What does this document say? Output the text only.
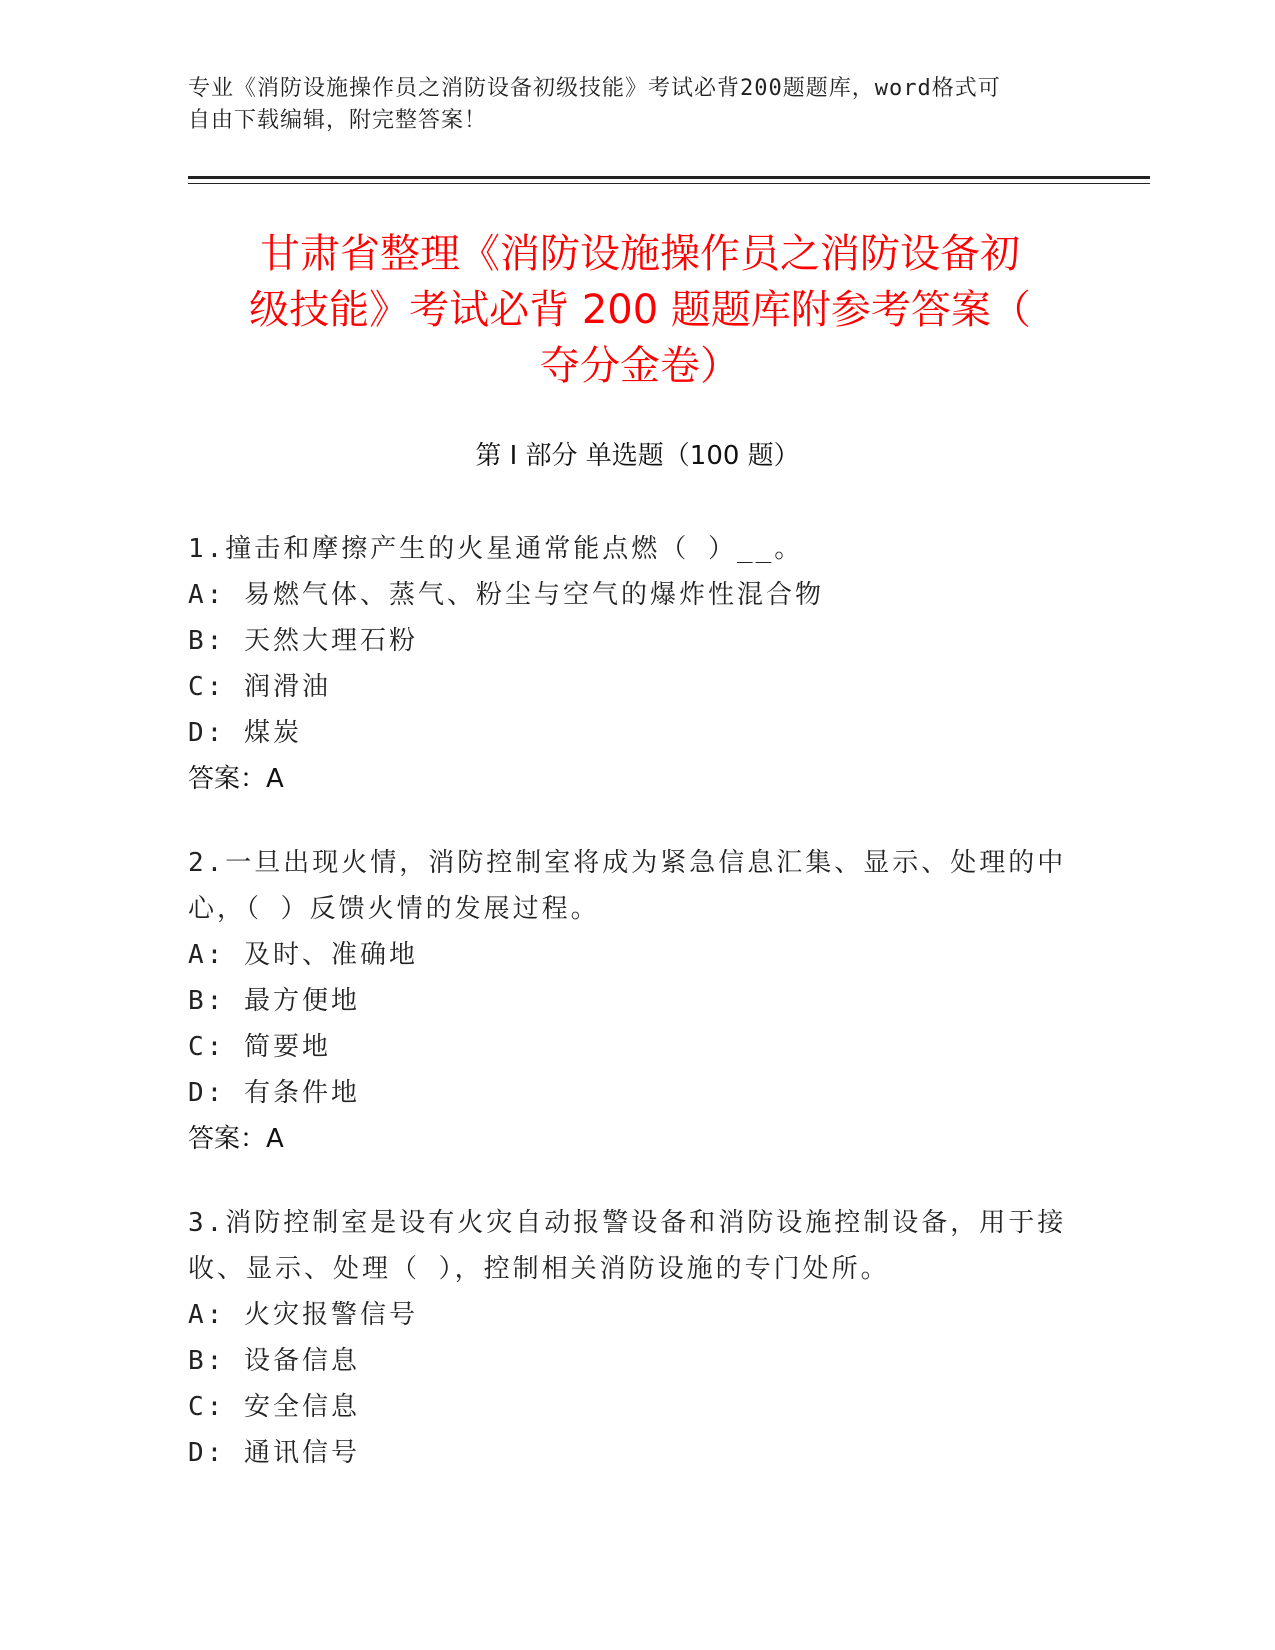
专业《消防设施操作员之消防设备初级技能》考试必背200题题库，word格式可
自由下载编辑，附完整答案！
甘肃省整理《消防设施操作员之消防设备初
级技能》考试必背 200 题题库附参考答案（
夺分金卷）
第 I 部分 单选题（100 题）

1.撞击和摩擦产生的火星通常能点燃（ ）__。

A: 易燃气体、蒸气、粉尘与空气的爆炸性混合物
B: 天然大理石粉
C: 润滑油
D: 煤炭
答案：A

2.一旦出现火情，消防控制室将成为紧急信息汇集、显示、处理的中

心，（ ）反馈火情的发展过程。

A: 及时、准确地
B: 最方便地
C: 简要地
D: 有条件地
答案：A

3.消防控制室是设有火灾自动报警设备和消防设施控制设备，用于接

收、显示、处理（ ），控制相关消防设施的专门处所。

A: 火灾报警信号
B: 设备信息
C: 安全信息
D: 通讯信号
